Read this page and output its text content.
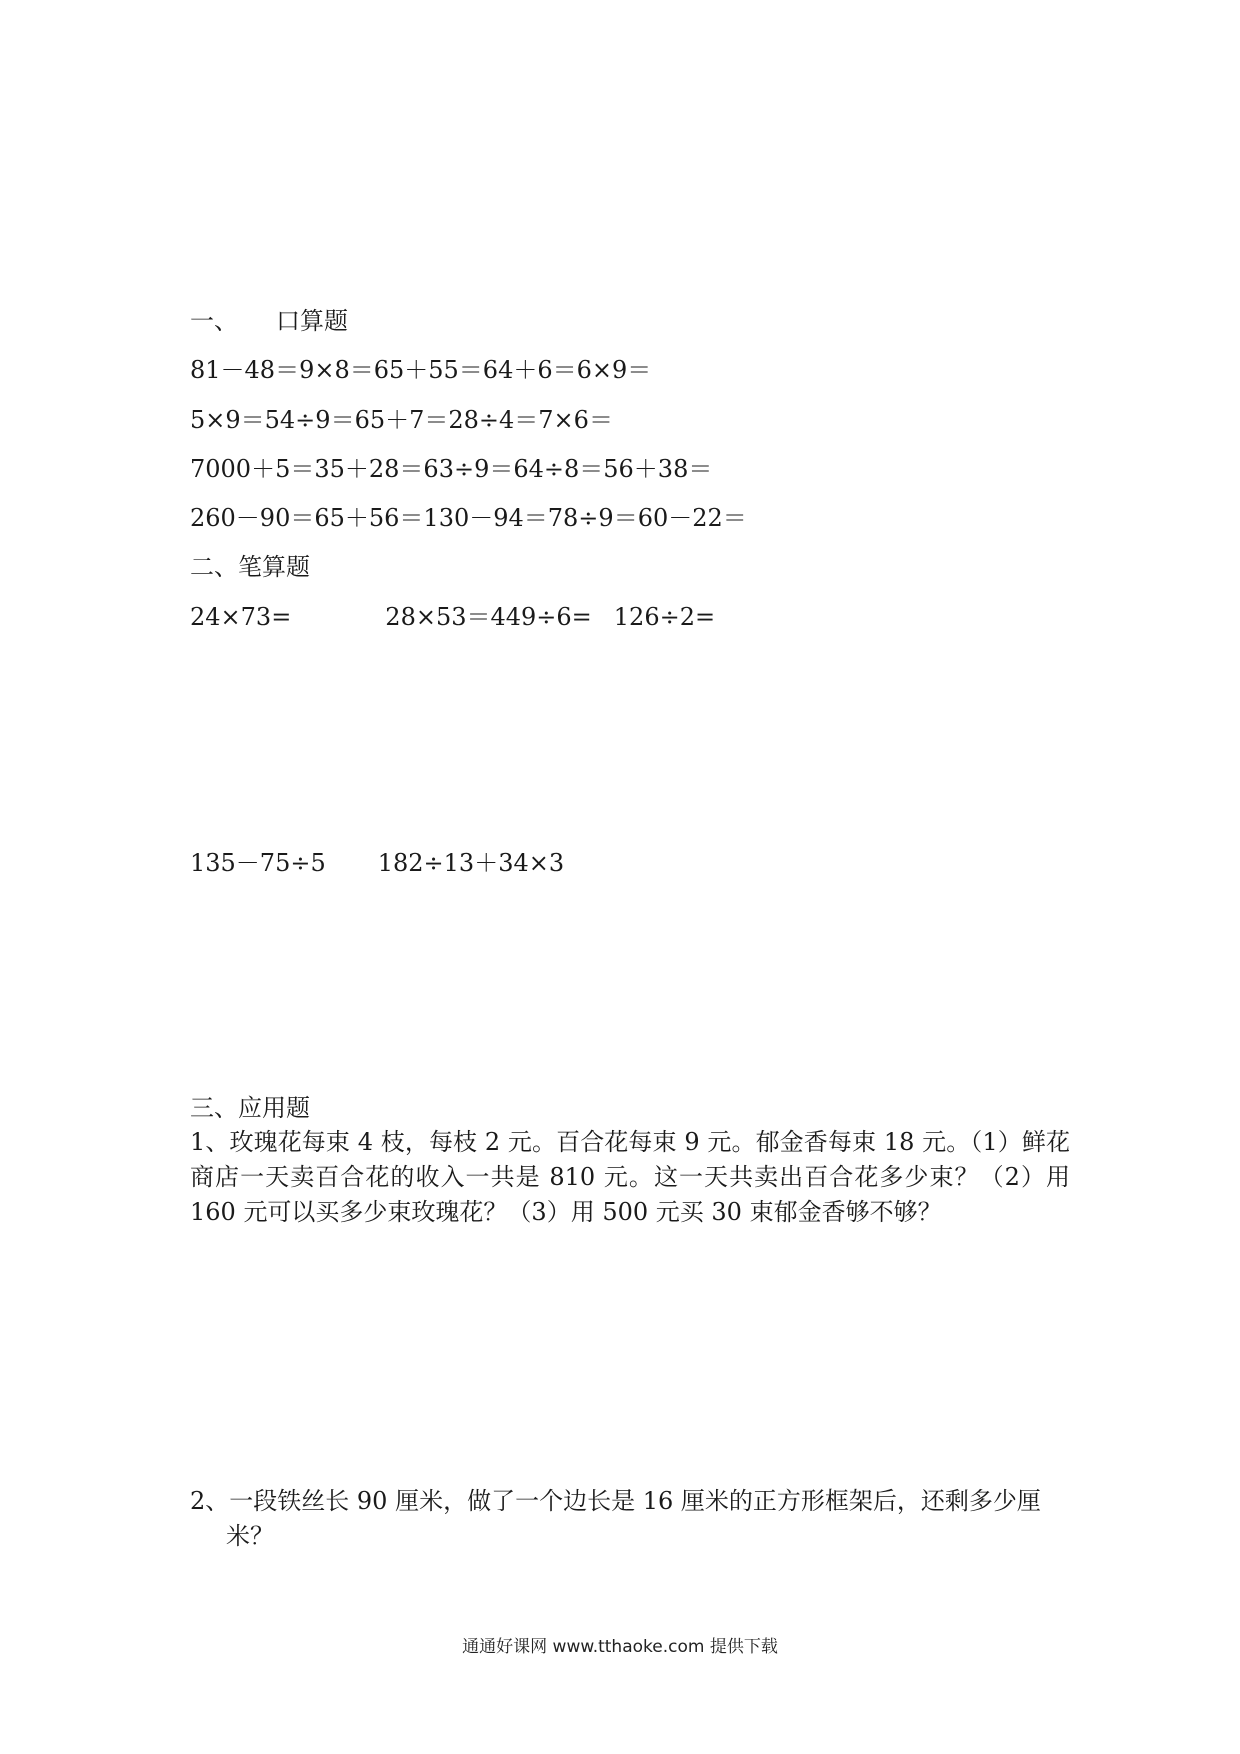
一、 口算题
81－48＝9×8＝65＋55＝64＋6＝6×9＝
5×9＝54÷9＝65＋7＝28÷4＝7×6＝
7000＋5＝35＋28＝63÷9＝64÷8＝56＋38＝
260－90＝65＋56＝130－94＝78÷9＝60－22＝
二、笔算题
24×73=	28×53＝449÷6= 126÷2=
135－75÷5 182÷13＋34×3
三、应用题
1、玫瑰花每束 4 枝，每枝 2 元。百合花每束 9 元。郁金香每束 18 元。（1）鲜花商店一天卖百合花的收入一共是 810 元。这一天共卖出百合花多少束？（2）用 160 元可以买多少束玫瑰花？（3）用 500 元买 30 束郁金香够不够？
2、一段铁丝长 90 厘米，做了一个边长是 16 厘米的正方形框架后，还剩多少厘米？
通通好课网 www.tthaoke.com 提供下载
